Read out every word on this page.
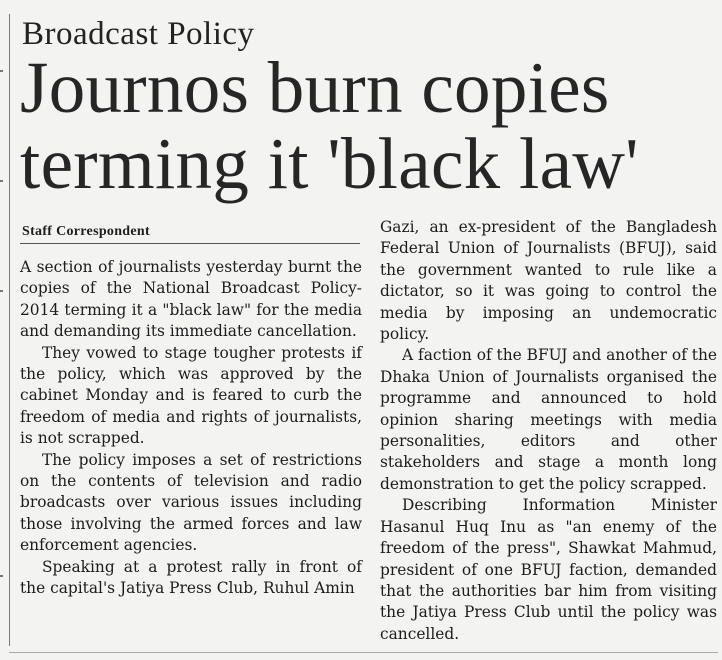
Broadcast Policy
Journos burn copies terming it 'black law'
Staff Correspondent

A section of journalists yesterday burnt the copies of the National Broadcast Policy-2014 terming it a "black law" for the media and demanding its immediate cancellation.

They vowed to stage tougher protests if the policy, which was approved by the cabinet Monday and is feared to curb the freedom of media and rights of journalists, is not scrapped.

The policy imposes a set of restrictions on the contents of television and radio broadcasts over various issues including those involving the armed forces and law enforcement agencies.

Speaking at a protest rally in front of the capital's Jatiya Press Club, Ruhul Amin

Gazi, an ex-president of the Bangladesh Federal Union of Journalists (BFUJ), said the government wanted to rule like a dictator, so it was going to control the media by imposing an undemocratic policy.

A faction of the BFUJ and another of the Dhaka Union of Journalists organised the programme and announced to hold opinion sharing meetings with media personalities, editors and other stakeholders and stage a month long demonstration to get the policy scrapped.

Describing Information Minister Hasanul Huq Inu as "an enemy of the freedom of the press", Shawkat Mahmud, president of one BFUJ faction, demanded that the authorities bar him from visiting the Jatiya Press Club until the policy was cancelled.
